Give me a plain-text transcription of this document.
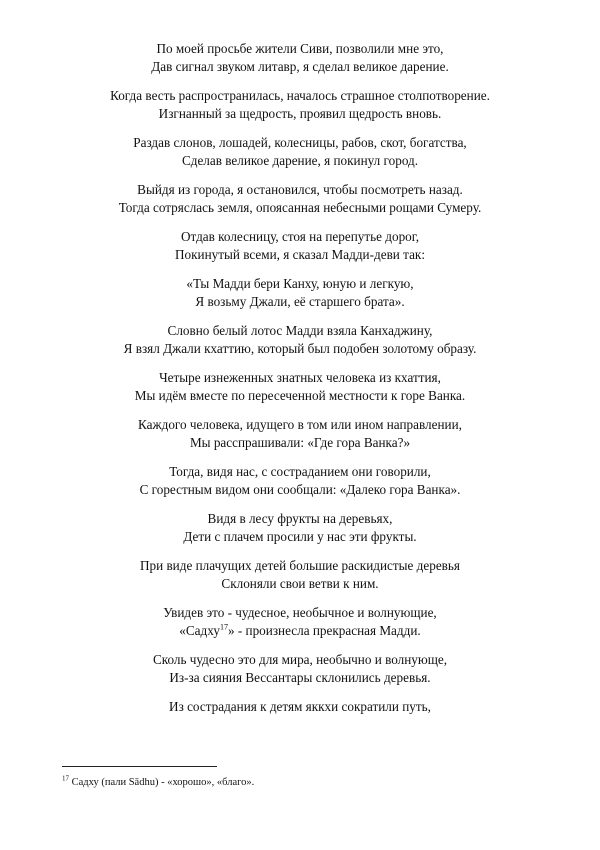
По моей просьбе жители Сиви, позволили мне это,
Дав сигнал звуком литавр, я сделал великое дарение.
Когда весть распространилась, началось страшное столпотворение.
Изгнанный за щедрость, проявил щедрость вновь.
Раздав слонов, лошадей, колесницы, рабов, скот, богатства,
Сделав великое дарение, я покинул город.
Выйдя из города, я остановился, чтобы посмотреть назад.
Тогда сотряслась земля, опоясанная небесными рощами Сумеру.
Отдав колесницу, стоя на перепутье дорог,
Покинутый всеми, я сказал Мадди-деви так:
«Ты Мадди бери Канху, юную и легкую,
Я возьму Джали, её старшего брата».
Словно белый лотос Мадди взяла Канхаджину,
Я взял Джали кхаттию, который был подобен золотому образу.
Четыре изнеженных знатных человека из кхаттия,
Мы идём вместе по пересеченной местности к горе Ванка.
Каждого человека, идущего в том или ином направлении,
Мы расспрашивали: «Где гора Ванка?»
Тогда, видя нас, с состраданием они говорили,
С горестным видом они сообщали: «Далеко гора Ванка».
Видя в лесу фрукты на деревьях,
Дети с плачем просили у нас эти фрукты.
При виде плачущих детей большие раскидистые деревья
Склоняли свои ветви к ним.
Увидев это - чудесное, необычное и волнующие,
«Садху$^{17}$» - произнесла прекрасная Мадди.
Сколь чудесно это для мира, необычно и волнующе,
Из-за сияния Вессантары склонились деревья.
Из сострадания к детям яккхи сократили путь,
$^{17}$ Садху (пали Sādhu) - «хорошо», «благо».
